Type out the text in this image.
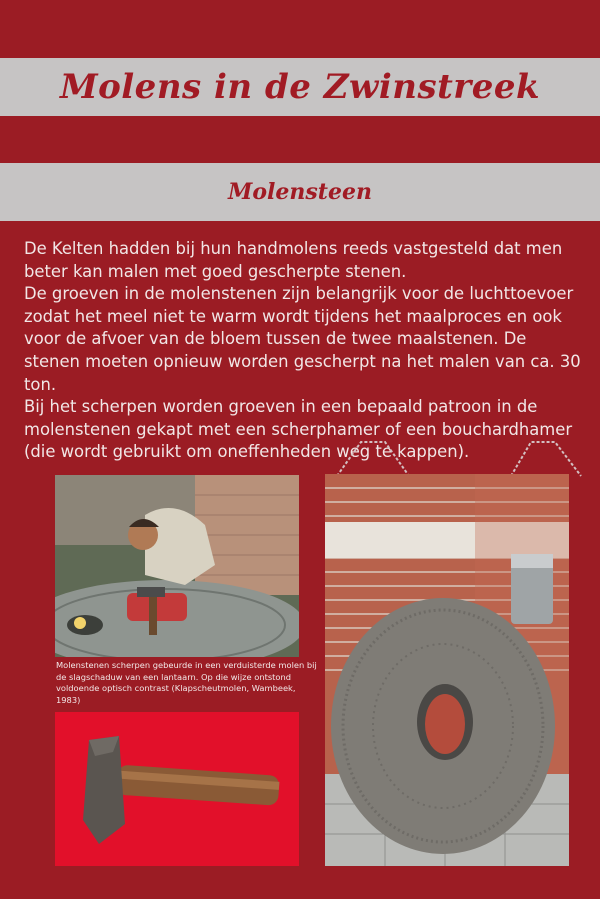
Molens in de Zwinstreek
Molensteen

De Kelten hadden bij hun handmolens reeds vastgesteld dat men beter kan malen met goed gescherpte stenen.

De groeven in de molenstenen zijn belangrijk voor de luchttoevoer zodat het meel niet te warm wordt tijdens het maalproces en ook voor de afvoer van de bloem tussen de twee maalstenen. De stenen moeten opnieuw worden gescherpt na het malen van ca. 30 ton.

Bij het scherpen worden groeven in een bepaald patroon in de molenstenen gekapt met een scherphamer of een bouchardhamer (die wordt gebruikt om oneffenheden weg te kappen).

Molenstenen scherpen gebeurde in een verduisterde molen bij de slagschaduw van een lantaarn. Op die wijze ontstond voldoende optisch contrast (Klapscheutmolen, Wambeek, 1983)
